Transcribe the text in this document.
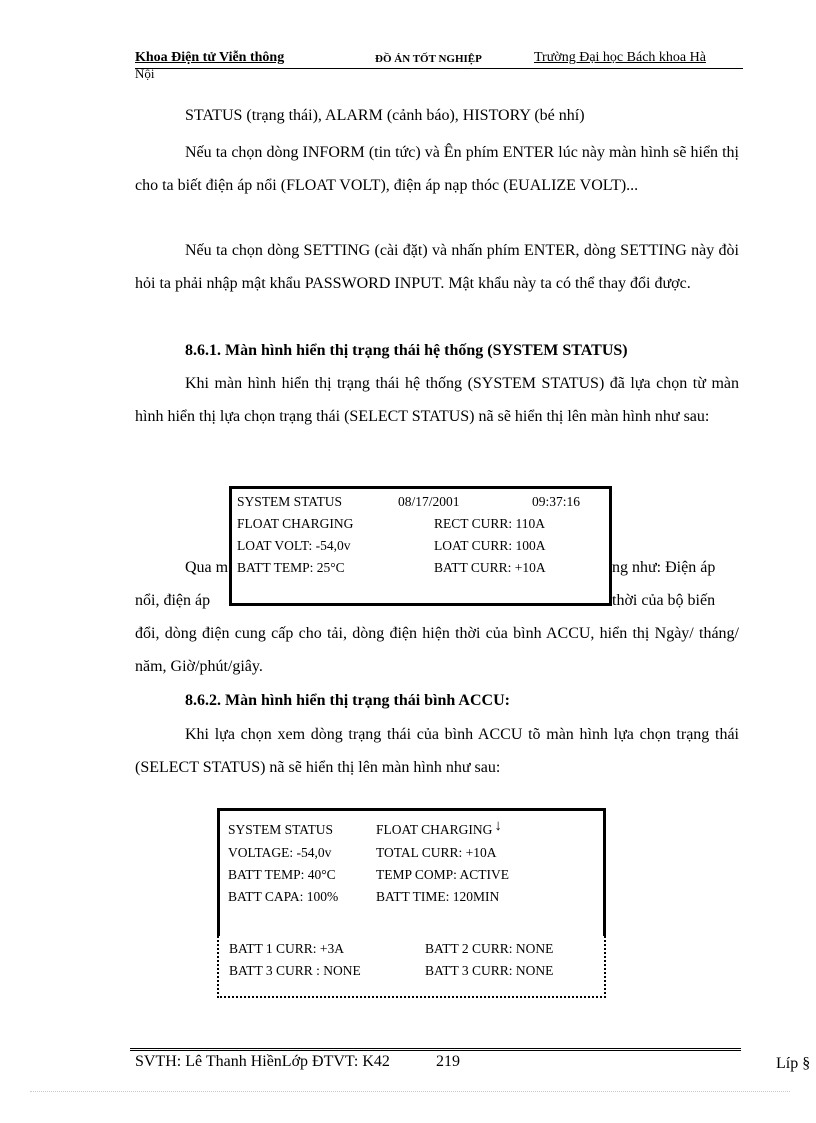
Khoa Điện tử Viễn thông	ĐỒ ÁN TỐT NGHIỆP	Trường Đại học Bách khoa Hà
Nội

STATUS (trạng thái), ALARM (cảnh báo), HISTORY (bé nhí)

Nếu ta chọn dòng INFORM (tin tức) và Ên phím ENTER lúc này màn hình sẽ hiển thị cho ta biết điện áp nổi (FLOAT VOLT), điện áp nạp thóc (EUALIZE VOLT)...

Nếu ta chọn dòng SETTING (cài đặt) và nhấn phím ENTER, dòng SETTING này đòi hỏi ta phải nhập mật khẩu PASSWORD INPUT. Mật khẩu này ta có thể thay đổi được.

8.6.1. Màn hình hiển thị trạng thái hệ thống (SYSTEM STATUS)

Khi màn hình hiển thị trạng thái hệ thống (SYSTEM STATUS) đã lựa chọn từ màn hình hiển thị lựa chọn trạng thái (SELECT STATUS) nã sẽ hiển thị lên màn hình như sau:

Qua m	ng như: Điện áp
nổi, điện áp	thời của bộ biến

đổi, dòng điện cung cấp cho tải, dòng điện hiện thời của bình ACCU, hiển thị Ngày/ tháng/ năm, Giờ/phút/giây.

SYSTEM STATUS	08/17/2001	09:37:16
FLOAT CHARGING	RECT CURR: 110A
LOAT VOLT: -54,0v	LOAT CURR: 100A
BATT TEMP: 25°C	BATT CURR: +10A
8.6.2. Màn hình hiển thị trạng thái bình ACCU:

Khi lựa chọn xem dòng trạng thái của bình ACCU tõ màn hình lựa chọn trạng thái (SELECT STATUS) nã sẽ hiển thị lên màn hình như sau:

SYSTEM STATUS	FLOAT CHARGING ↓
VOLTAGE: -54,0v	TOTAL CURR: +10A
BATT TEMP: 40°C	TEMP COMP: ACTIVE
BATT CAPA: 100%	BATT TIME: 120MIN
BATT 1 CURR: +3A	BATT 2 CURR: NONE
BATT 3 CURR : NONE	BATT 3 CURR: NONE
SVTH: Lê Thanh HiềnLớp ĐTVT: K42	219	Líp §
